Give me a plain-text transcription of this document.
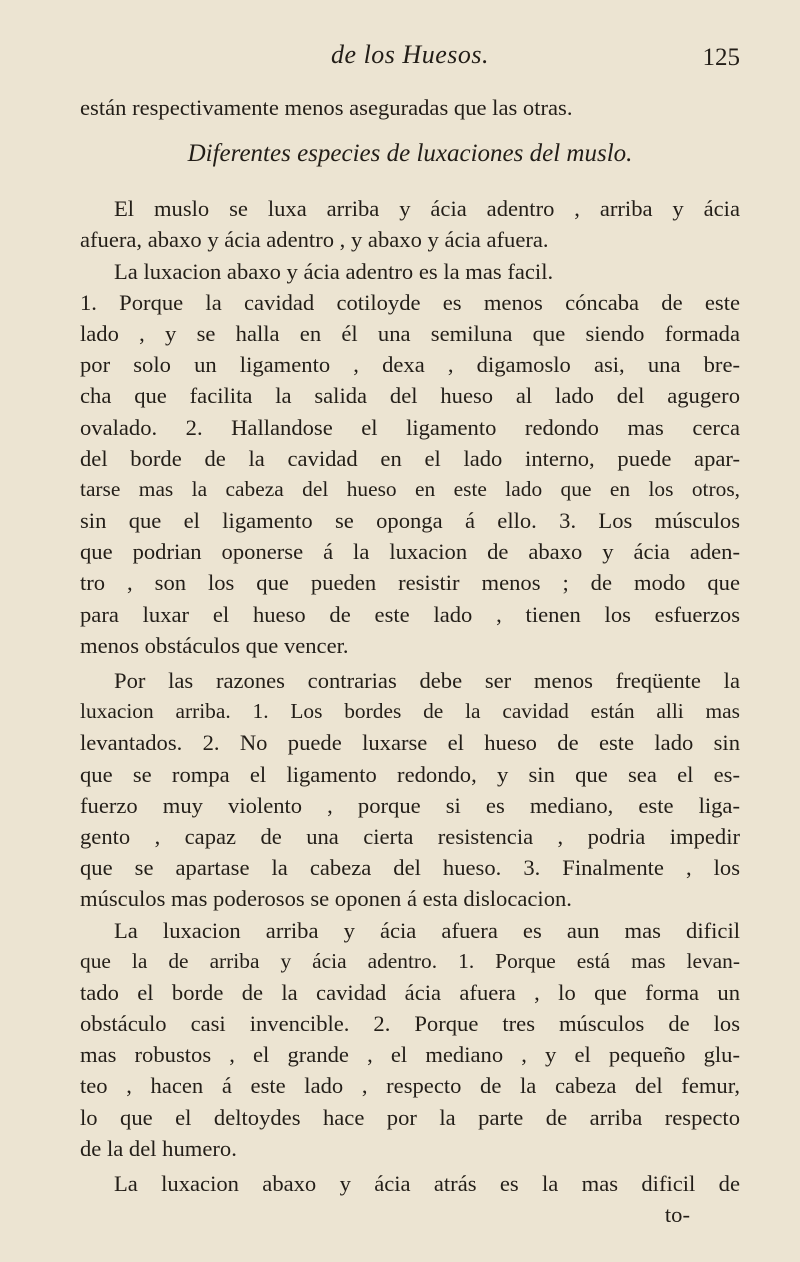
de los Huesos.	125
están respectivamente menos aseguradas que las otras.
Diferentes especies de luxaciones del muslo.
El muslo se luxa arriba y ácia adentro , arriba y ácia
afuera, abaxo y ácia adentro , y abaxo y ácia afuera.
La luxacion abaxo y ácia adentro es la mas facil.
1. Porque la cavidad cotiloyde es menos cóncaba de este
lado , y se halla en él una semiluna que siendo formada
por solo un ligamento , dexa , digamoslo asi, una bre-
cha que facilita la salida del hueso al lado del agugero
ovalado. 2. Hallandose el ligamento redondo mas cerca
del borde de la cavidad en el lado interno, puede apar-
tarse mas la cabeza del hueso en este lado que en los otros,
sin que el ligamento se oponga á ello. 3. Los músculos
que podrian oponerse á la luxacion de abaxo y ácia aden-
tro , son los que pueden resistir menos ; de modo que
para luxar el hueso de este lado , tienen los esfuerzos
menos obstáculos que vencer.
Por las razones contrarias debe ser menos freqüente la
luxacion arriba. 1. Los bordes de la cavidad están alli mas
levantados. 2. No puede luxarse el hueso de este lado sin
que se rompa el ligamento redondo, y sin que sea el es-
fuerzo muy violento , porque si es mediano, este liga-
gento , capaz de una cierta resistencia , podria impedir
que se apartase la cabeza del hueso. 3. Finalmente , los
músculos mas poderosos se oponen á esta dislocacion.
La luxacion arriba y ácia afuera es aun mas dificil
que la de arriba y ácia adentro. 1. Porque está mas levan-
tado el borde de la cavidad ácia afuera , lo que forma un
obstáculo casi invencible. 2. Porque tres músculos de los
mas robustos , el grande , el mediano , y el pequeño glu-
teo , hacen á este lado , respecto de la cabeza del femur,
lo que el deltoydes hace por la parte de arriba respecto
de la del humero.
La luxacion abaxo y ácia atrás es la mas dificil de
to-
